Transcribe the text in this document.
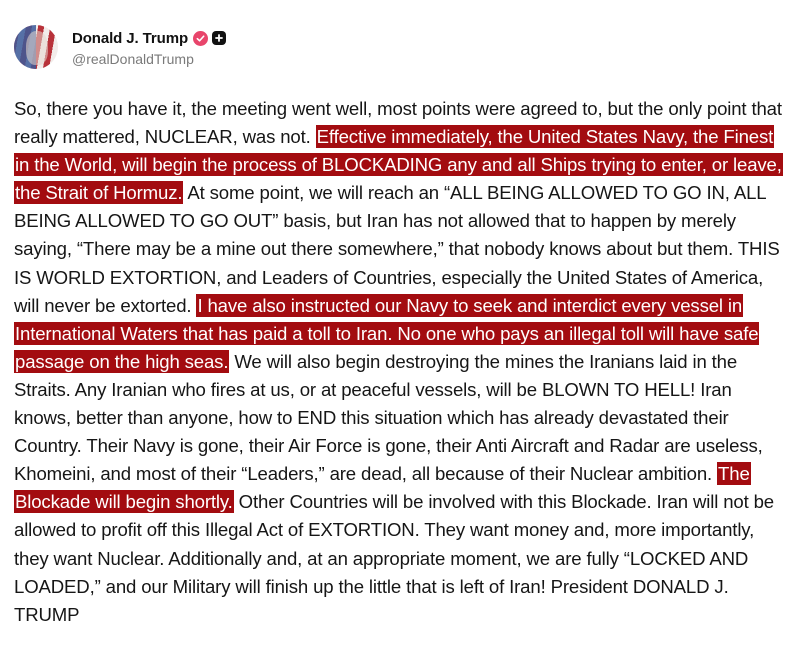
Donald J. Trump
@realDonaldTrump
So, there you have it, the meeting went well, most points were agreed to, but the only point that really mattered, NUCLEAR, was not. Effective immediately, the United States Navy, the Finest in the World, will begin the process of BLOCKADING any and all Ships trying to enter, or leave, the Strait of Hormuz. At some point, we will reach an “ALL BEING ALLOWED TO GO IN, ALL BEING ALLOWED TO GO OUT” basis, but Iran has not allowed that to happen by merely saying, “There may be a mine out there somewhere,” that nobody knows about but them. THIS IS WORLD EXTORTION, and Leaders of Countries, especially the United States of America, will never be extorted. I have also instructed our Navy to seek and interdict every vessel in International Waters that has paid a toll to Iran. No one who pays an illegal toll will have safe passage on the high seas. We will also begin destroying the mines the Iranians laid in the Straits. Any Iranian who fires at us, or at peaceful vessels, will be BLOWN TO HELL! Iran knows, better than anyone, how to END this situation which has already devastated their Country. Their Navy is gone, their Air Force is gone, their Anti Aircraft and Radar are useless, Khomeini, and most of their “Leaders,” are dead, all because of their Nuclear ambition. The Blockade will begin shortly. Other Countries will be involved with this Blockade. Iran will not be allowed to profit off this Illegal Act of EXTORTION. They want money and, more importantly, they want Nuclear. Additionally and, at an appropriate moment, we are fully “LOCKED AND LOADED,” and our Military will finish up the little that is left of Iran! President DONALD J. TRUMP
